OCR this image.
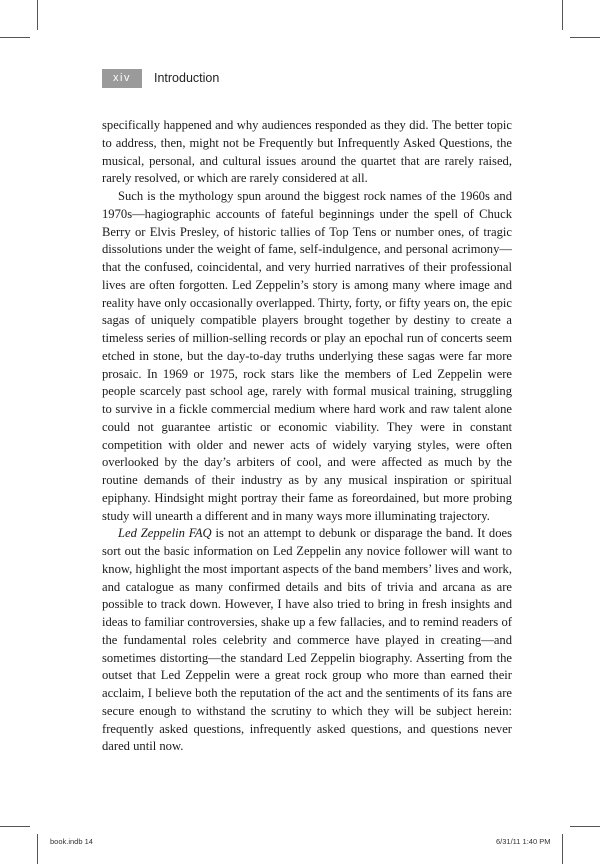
xiv	Introduction

specifically happened and why audiences responded as they did. The better topic to address, then, might not be Frequently but Infrequently Asked Questions, the musical, personal, and cultural issues around the quartet that are rarely raised, rarely resolved, or which are rarely considered at all.

Such is the mythology spun around the biggest rock names of the 1960s and 1970s—hagiographic accounts of fateful beginnings under the spell of Chuck Berry or Elvis Presley, of historic tallies of Top Tens or number ones, of tragic dissolutions under the weight of fame, self-indulgence, and personal acrimony—that the confused, coincidental, and very hurried narratives of their professional lives are often forgotten. Led Zeppelin’s story is among many where image and reality have only occasionally overlapped. Thirty, forty, or fifty years on, the epic sagas of uniquely compatible players brought together by destiny to create a timeless series of million-selling records or play an epochal run of concerts seem etched in stone, but the day-to-day truths underlying these sagas were far more prosaic. In 1969 or 1975, rock stars like the members of Led Zeppelin were people scarcely past school age, rarely with formal musical training, struggling to survive in a fickle commercial medium where hard work and raw talent alone could not guarantee artistic or economic viability. They were in constant competition with older and newer acts of widely varying styles, were often overlooked by the day’s arbiters of cool, and were affected as much by the routine demands of their industry as by any musical inspiration or spiritual epiphany. Hindsight might portray their fame as foreordained, but more probing study will unearth a different and in many ways more illuminating trajectory.

Led Zeppelin FAQ is not an attempt to debunk or disparage the band. It does sort out the basic information on Led Zeppelin any novice follower will want to know, highlight the most important aspects of the band members’ lives and work, and catalogue as many confirmed details and bits of trivia and arcana as are possible to track down. However, I have also tried to bring in fresh insights and ideas to familiar controversies, shake up a few fallacies, and to remind readers of the fundamental roles celebrity and commerce have played in creating—and sometimes distorting—the standard Led Zeppelin biography. Asserting from the outset that Led Zeppelin were a great rock group who more than earned their acclaim, I believe both the reputation of the act and the sentiments of its fans are secure enough to withstand the scrutiny to which they will be subject herein: frequently asked questions, infrequently asked questions, and questions never dared until now.

book.indb 14	6/31/11 1:40 PM
